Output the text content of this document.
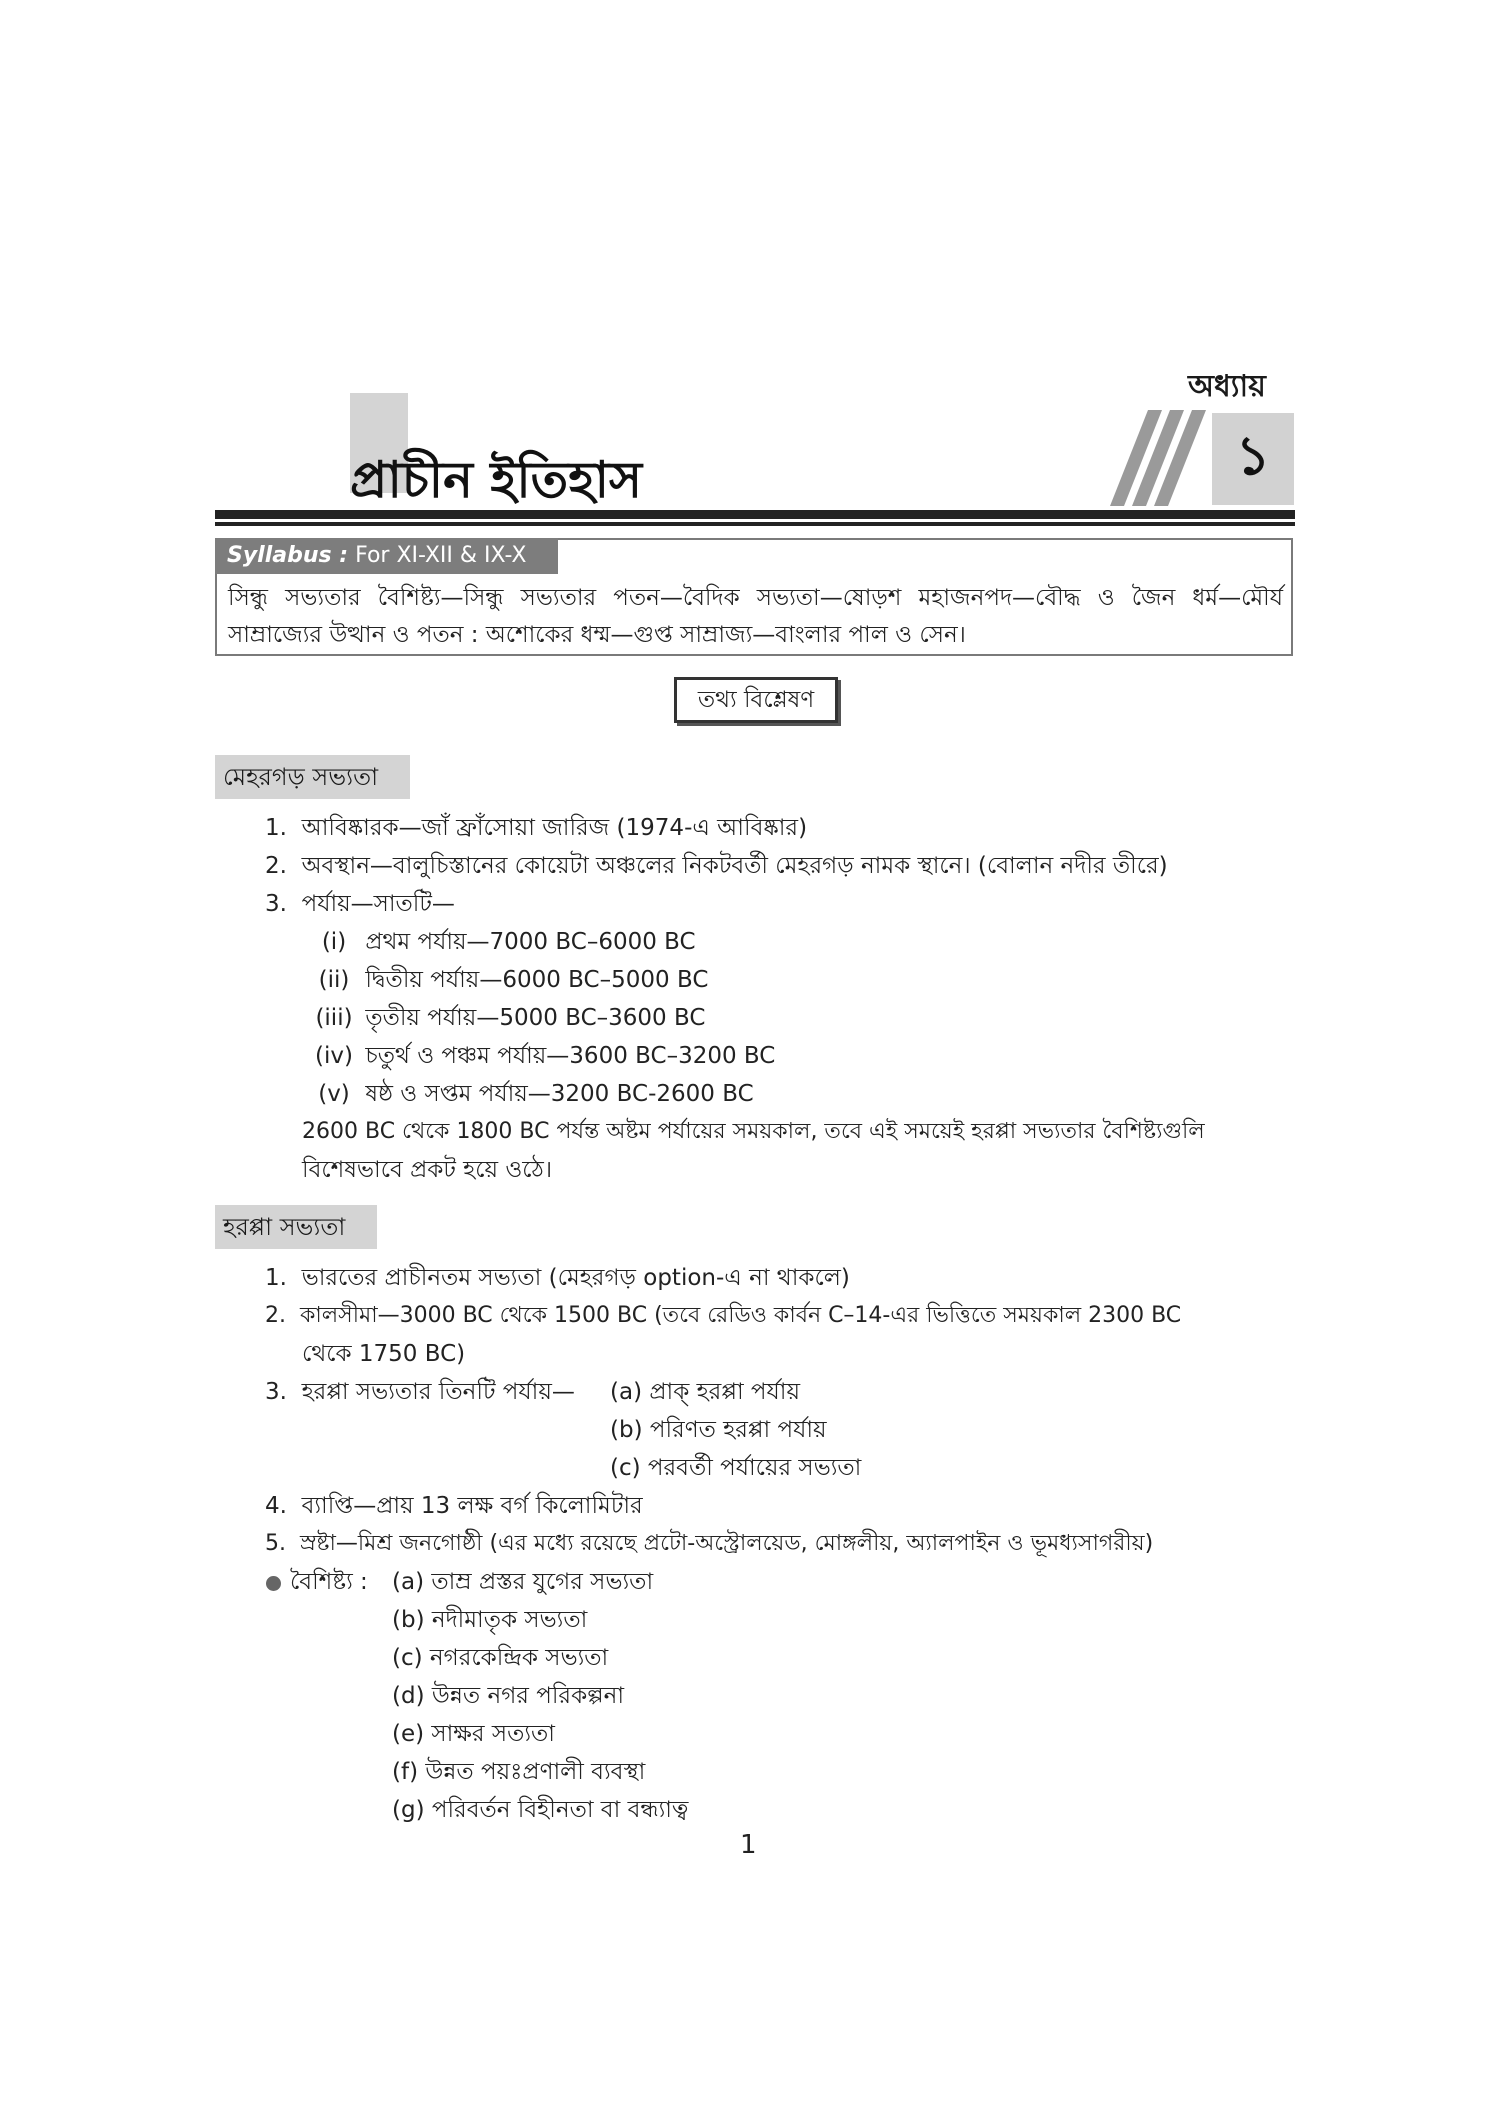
অধ্যায়
প্রাচীন ইতিহাস	১
Syllabus : For XI-XII & IX-X
সিন্ধু সভ্যতার বৈশিষ্ট্য—সিন্ধু সভ্যতার পতন—বৈদিক সভ্যতা—ষোড়শ মহাজনপদ—বৌদ্ধ ও জৈন ধর্ম—মৌর্য সাম্রাজ্যের উত্থান ও পতন : অশোকের ধম্ম—গুপ্ত সাম্রাজ্য—বাংলার পাল ও সেন।
তথ্য বিশ্লেষণ
মেহরগড় সভ্যতা
1. আবিষ্কারক—জাঁ ফ্রাঁসোয়া জারিজ (1974-এ আবিষ্কার)
2. অবস্থান—বালুচিস্তানের কোয়েটা অঞ্চলের নিকটবর্তী মেহরগড় নামক স্থানে। (বোলান নদীর তীরে)
3. পর্যায়—সাতটি—
(i) প্রথম পর্যায়—7000 BC–6000 BC
(ii) দ্বিতীয় পর্যায়—6000 BC–5000 BC
(iii) তৃতীয় পর্যায়—5000 BC–3600 BC
(iv) চতুর্থ ও পঞ্চম পর্যায়—3600 BC–3200 BC
(v) ষষ্ঠ ও সপ্তম পর্যায়—3200 BC-2600 BC
2600 BC থেকে 1800 BC পর্যন্ত অষ্টম পর্যায়ের সময়কাল, তবে এই সময়েই হরপ্পা সভ্যতার বৈশিষ্ট্যগুলি
বিশেষভাবে প্রকট হয়ে ওঠে।
হরপ্পা সভ্যতা
1. ভারতের প্রাচীনতম সভ্যতা (মেহরগড় option-এ না থাকলে)
2. কালসীমা—3000 BC থেকে 1500 BC (তবে রেডিও কার্বন C–14-এর ভিত্তিতে সময়কাল 2300 BC
থেকে 1750 BC)
3. হরপ্পা সভ্যতার তিনটি পর্যায়— (a) প্রাক্ হরপ্পা পর্যায়
(b) পরিণত হরপ্পা পর্যায়
(c) পরবর্তী পর্যায়ের সভ্যতা
4. ব্যাপ্তি—প্রায় 13 লক্ষ বর্গ কিলোমিটার
5. স্রষ্টা—মিশ্র জনগোষ্ঠী (এর মধ্যে রয়েছে প্রটো-অস্ট্রোলয়েড, মোঙ্গলীয়, অ্যালপাইন ও ভূমধ্যসাগরীয়)
বৈশিষ্ট্য : (a) তাম্র প্রস্তর যুগের সভ্যতা
(b) নদীমাতৃক সভ্যতা
(c) নগরকেন্দ্রিক সভ্যতা
(d) উন্নত নগর পরিকল্পনা
(e) সাক্ষর সত্যতা
(f) উন্নত পয়ঃপ্রণালী ব্যবস্থা
(g) পরিবর্তন বিহীনতা বা বন্ধ্যাত্ব
1
